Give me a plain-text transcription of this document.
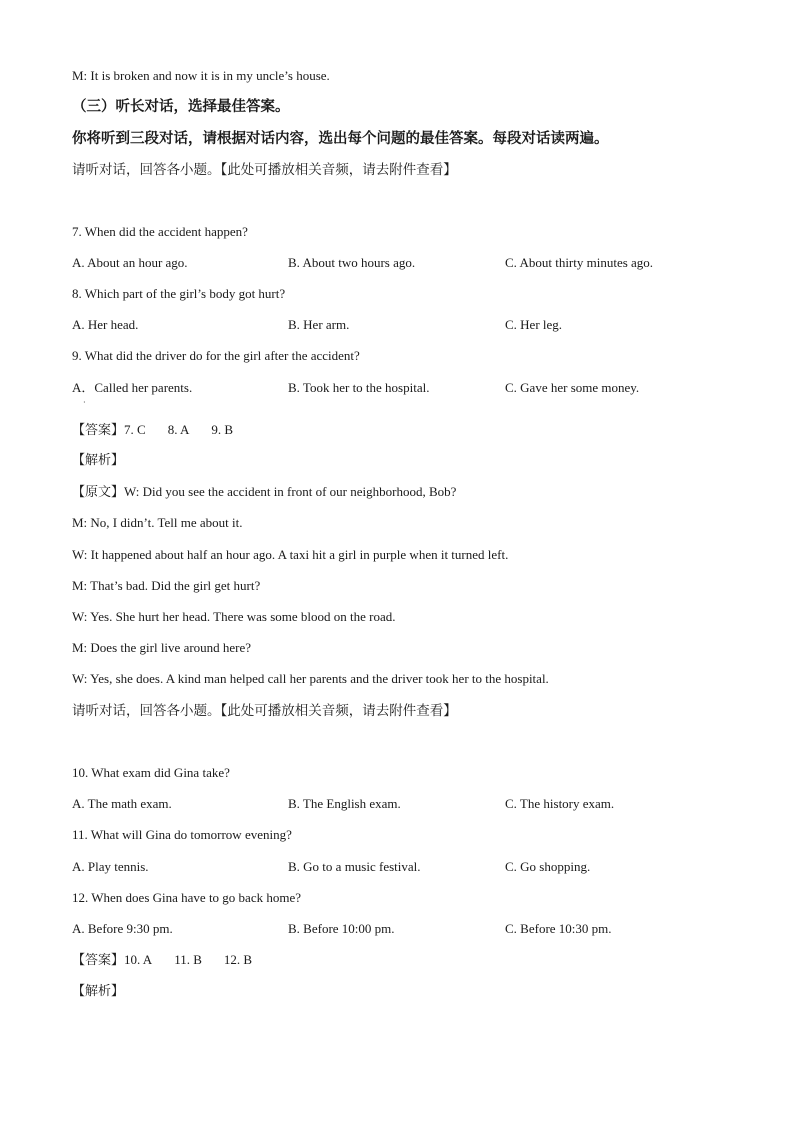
M: It is broken and now it is in my uncle’s house.
（三）听长对话，选择最佳答案。
你将听到三段对话，请根据对话内容，选出每个问题的最佳答案。每段对话读两遍。
请听对话，回答各小题。【此处可播放相关音频，请去附件查看】
7. When did the accident happen?
A. About an hour ago.	B. About two hours ago.	C. About thirty minutes ago.
8. Which part of the girl’s body got hurt?
A. Her head.	B. Her arm.	C. Her leg.
9. What did the driver do for the girl after the accident?
A．Called her parents.	B. Took her to the hospital.	C. Gave her some money.
·
【答案】7. C 8. A 9. B
【解析】
【原文】W: Did you see the accident in front of our neighborhood, Bob?
M: No, I didn’t. Tell me about it.
W: It happened about half an hour ago. A taxi hit a girl in purple when it turned left.
M: That’s bad. Did the girl get hurt?
W: Yes. She hurt her head. There was some blood on the road.
M: Does the girl live around here?
W: Yes, she does. A kind man helped call her parents and the driver took her to the hospital.
请听对话，回答各小题。【此处可播放相关音频，请去附件查看】
10. What exam did Gina take?
A. The math exam.	B. The English exam.	C. The history exam.
11. What will Gina do tomorrow evening?
A. Play tennis.	B. Go to a music festival.	C. Go shopping.
12. When does Gina have to go back home?
A. Before 9:30 pm.	B. Before 10:00 pm.	C. Before 10:30 pm.
【答案】10. A 11. B 12. B
【解析】
